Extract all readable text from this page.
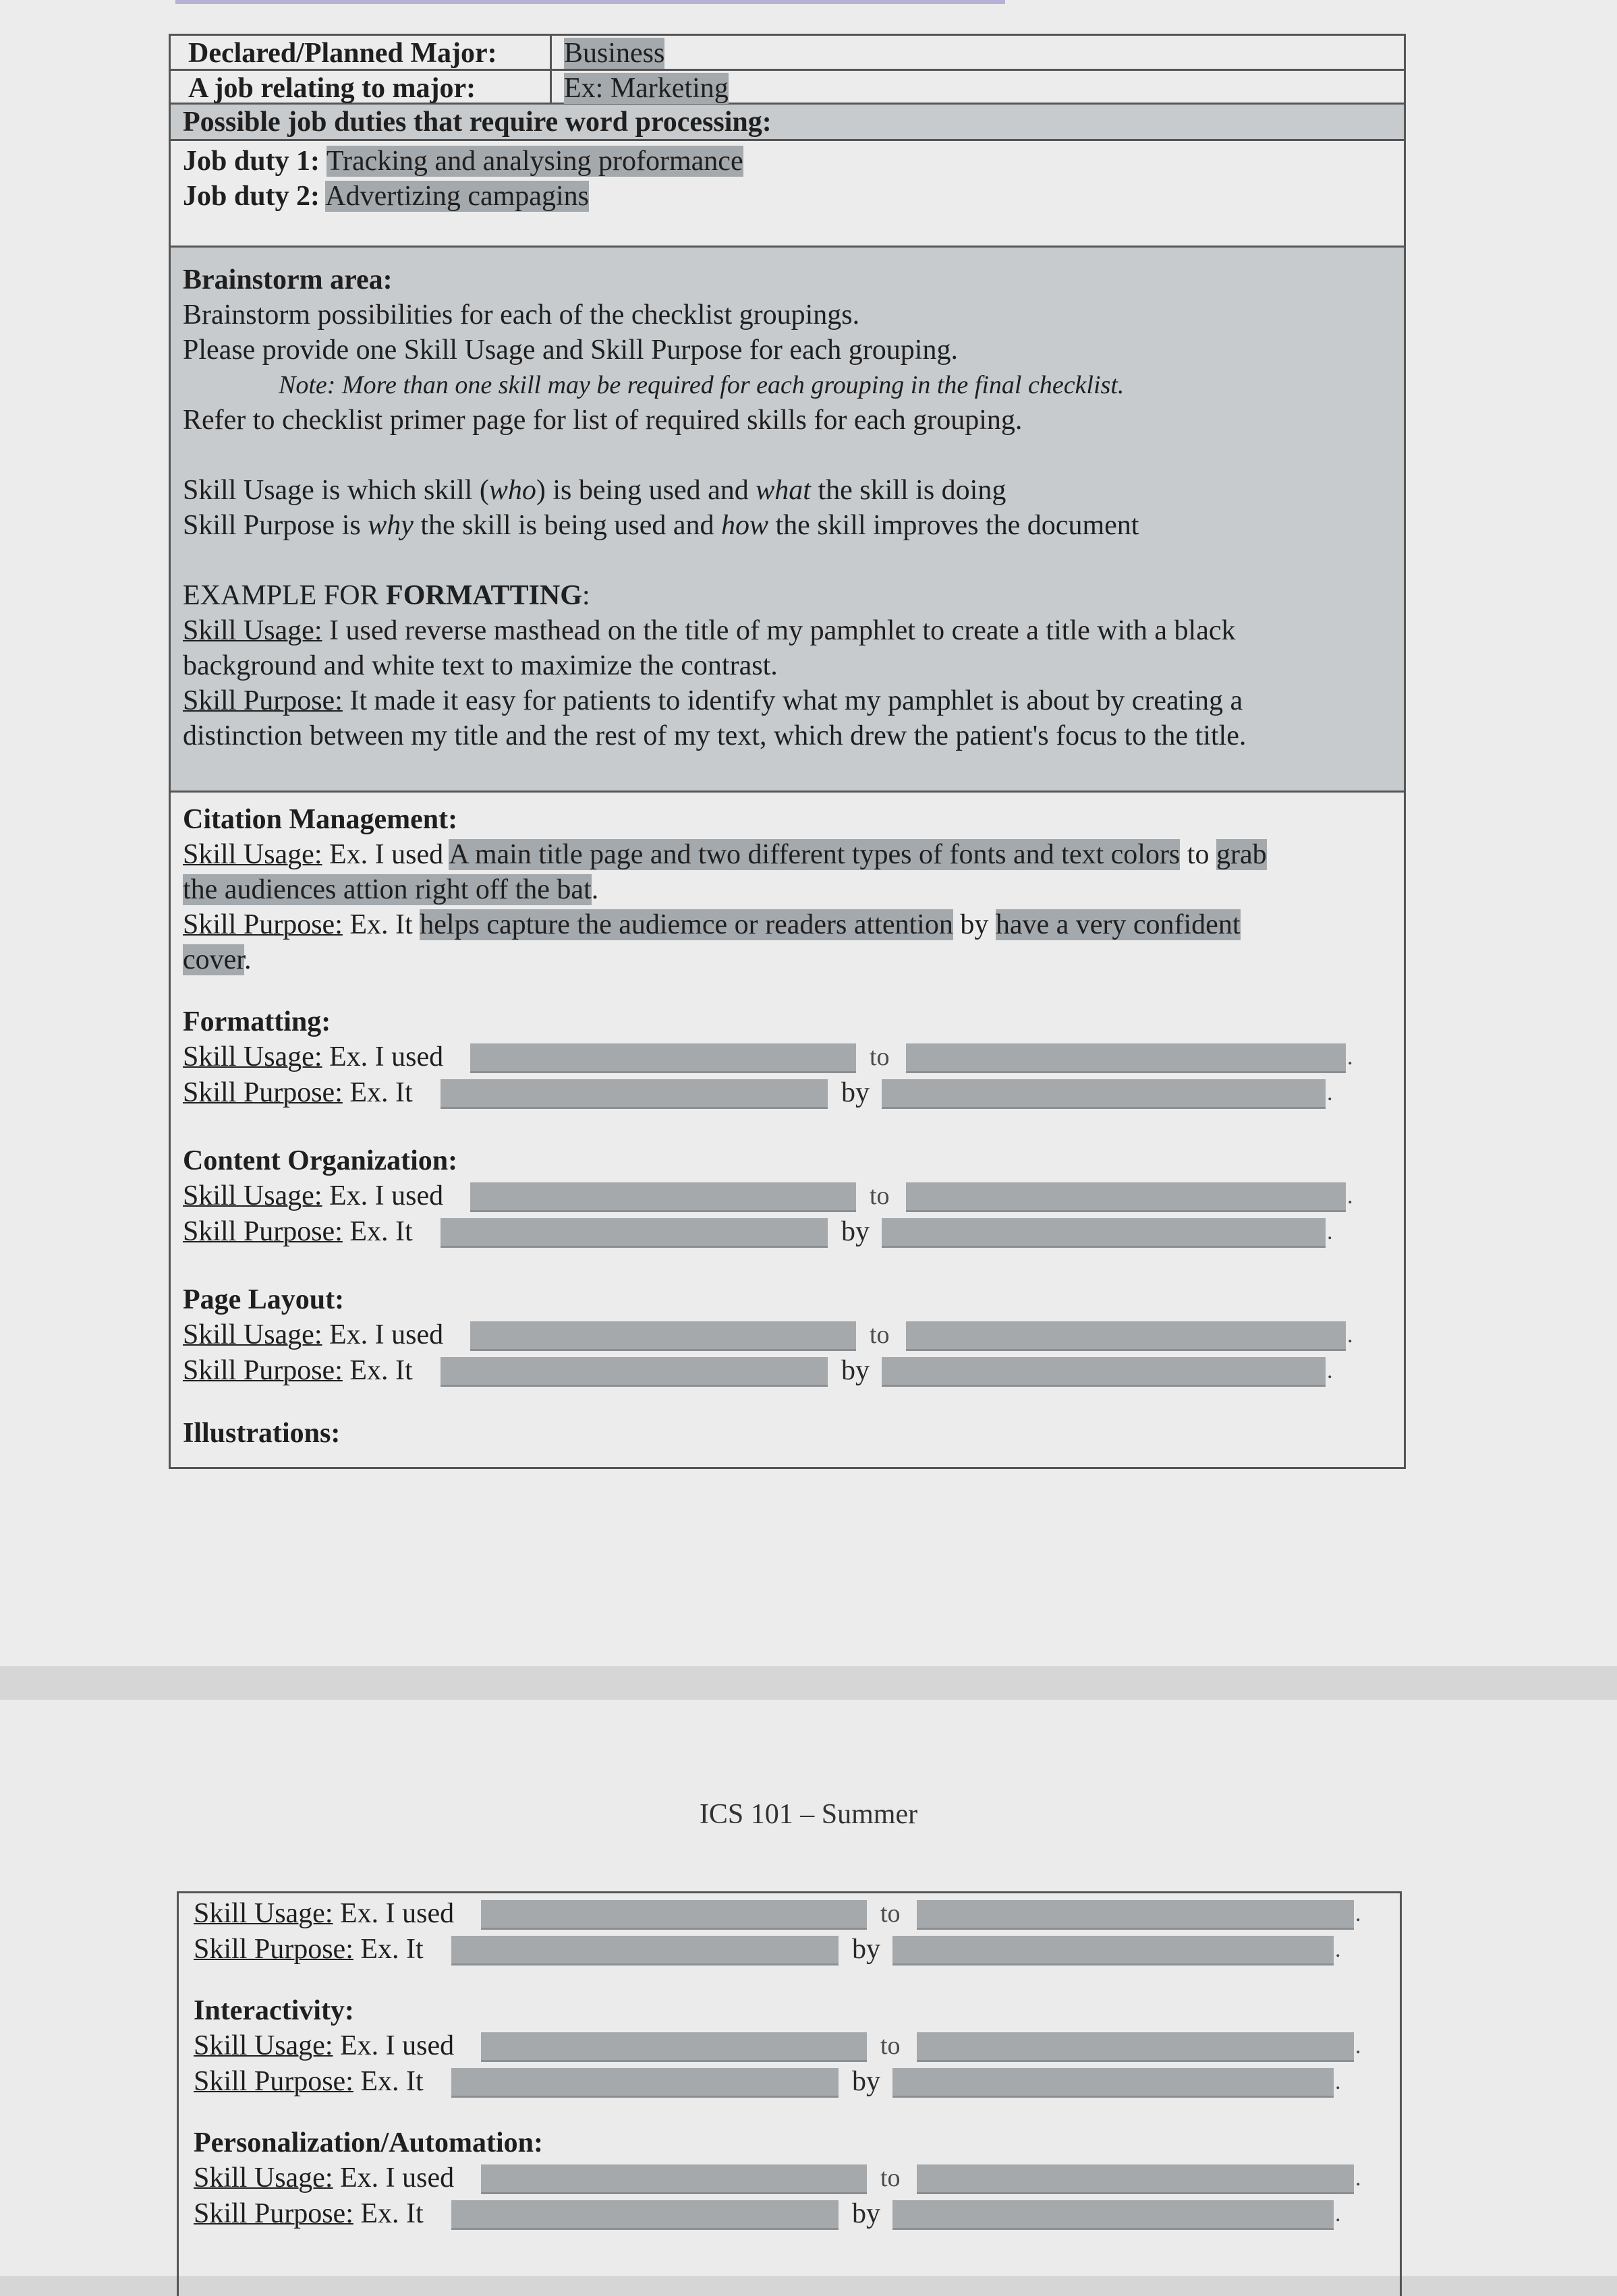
Declared/Planned Major:	Business
A job relating to major:	Ex: Marketing
Possible job duties that require word processing:
Job duty 1: Tracking and analysing proformance
Job duty 2: Advertizing campagins
Brainstorm area:
Brainstorm possibilities for each of the checklist groupings.
Please provide one Skill Usage and Skill Purpose for each grouping.
Note: More than one skill may be required for each grouping in the final checklist.
Refer to checklist primer page for list of required skills for each grouping.
Skill Usage is which skill (who) is being used and what the skill is doing
Skill Purpose is why the skill is being used and how the skill improves the document
EXAMPLE FOR FORMATTING:
Skill Usage: I used reverse masthead on the title of my pamphlet to create a title with a black
background and white text to maximize the contrast.
Skill Purpose: It made it easy for patients to identify what my pamphlet is about by creating a
distinction between my title and the rest of my text, which drew the patient's focus to the title.
Citation Management:
Skill Usage: Ex. I used A main title page and two different types of fonts and text colors to grab
the audiences attion right off the bat.
Skill Purpose: Ex. It helps capture the audiemce or readers attention by have a very confident
cover.
Formatting:
Skill Usage: Ex. I used	to	.
Skill Purpose: Ex. It	by	.
Content Organization:
Skill Usage: Ex. I used	to	.
Skill Purpose: Ex. It	by	.
Page Layout:
Skill Usage: Ex. I used	to	.
Skill Purpose: Ex. It	by	.
Illustrations:
ICS 101 – Summer
Skill Usage: Ex. I used	to	.
Skill Purpose: Ex. It	by	.
Interactivity:
Skill Usage: Ex. I used	to	.
Skill Purpose: Ex. It	by	.
Personalization/Automation:
Skill Usage: Ex. I used	to	.
Skill Purpose: Ex. It	by	.
